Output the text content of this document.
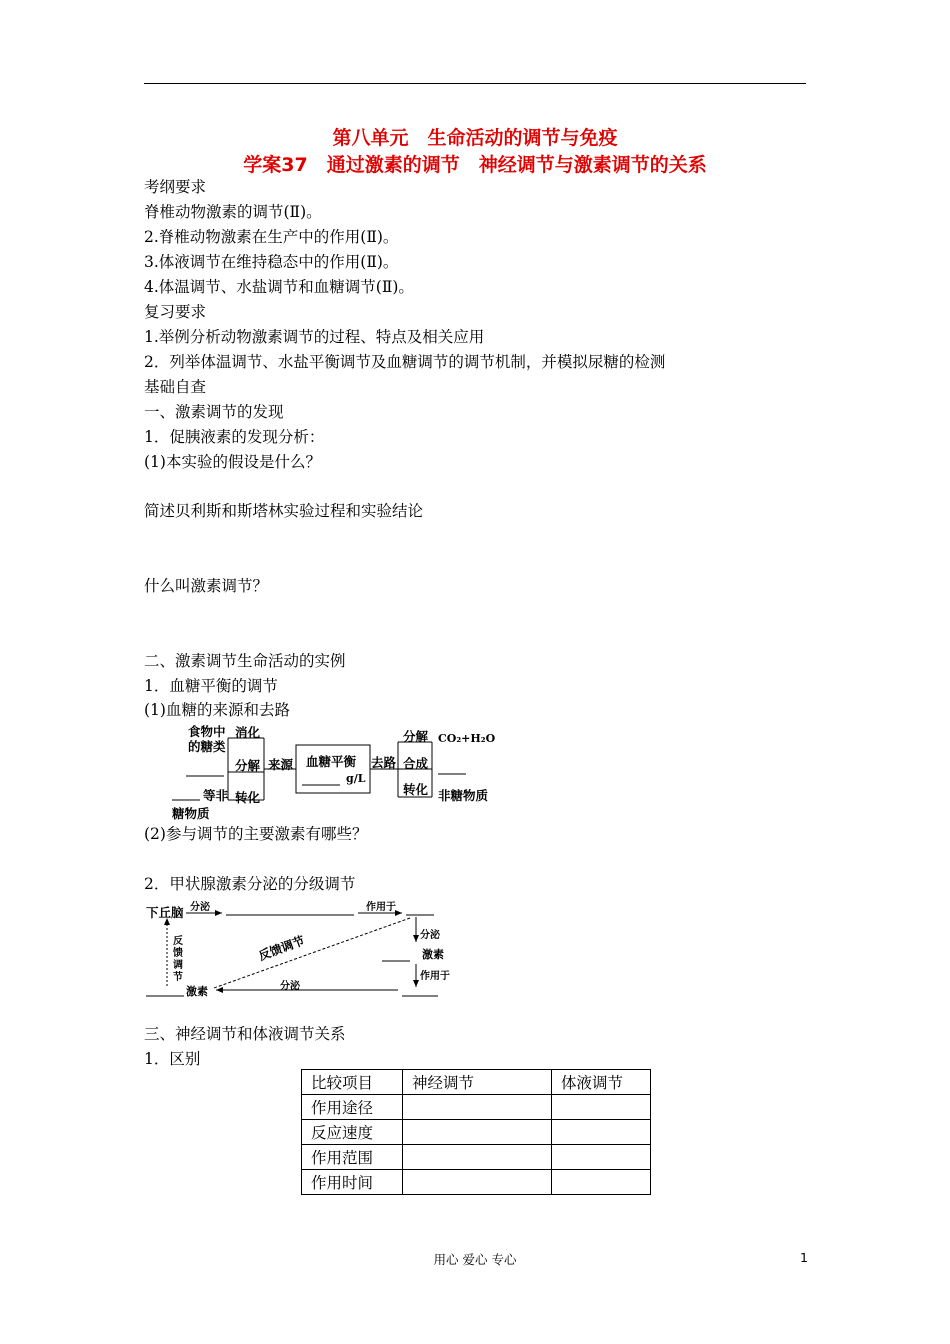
第八单元　生命活动的调节与免疫
学案37　通过激素的调节　神经调节与激素调节的关系
考纲要求
脊椎动物激素的调节(Ⅱ)。
2.脊椎动物激素在生产中的作用(Ⅱ)。
3.体液调节在维持稳态中的作用(Ⅱ)。
4.体温调节、水盐调节和血糖调节(Ⅱ)。
复习要求
1.举例分析动物激素调节的过程、特点及相关应用
2．列举体温调节、水盐平衡调节及血糖调节的调节机制，并模拟尿糖的检测
基础自查
一、激素调节的发现
1．促胰液素的发现分析：
(1)本实验的假设是什么？
简述贝利斯和斯塔林实验过程和实验结论
什么叫激素调节？
二、激素调节生命活动的实例
1．血糖平衡的调节
(1)血糖的来源和去路
食物中
的糖类
消化
分解
等非
糖物质
转化
来源 血糖平衡
g/L
去路
分解 CO₂+H₂O
合成
转化 非糖物质
(2)参与调节的主要激素有哪些？
2．甲状腺激素分泌的分级调节
下丘脑 分泌	作用于
分泌
激素
作用于
反
馈
调
节
反馈调节
激素	分泌
三、神经调节和体液调节关系
1．区别
比较项目	神经调节	体液调节
作用途径		
反应速度		
作用范围		
作用时间		
用心 爱心 专心	1
